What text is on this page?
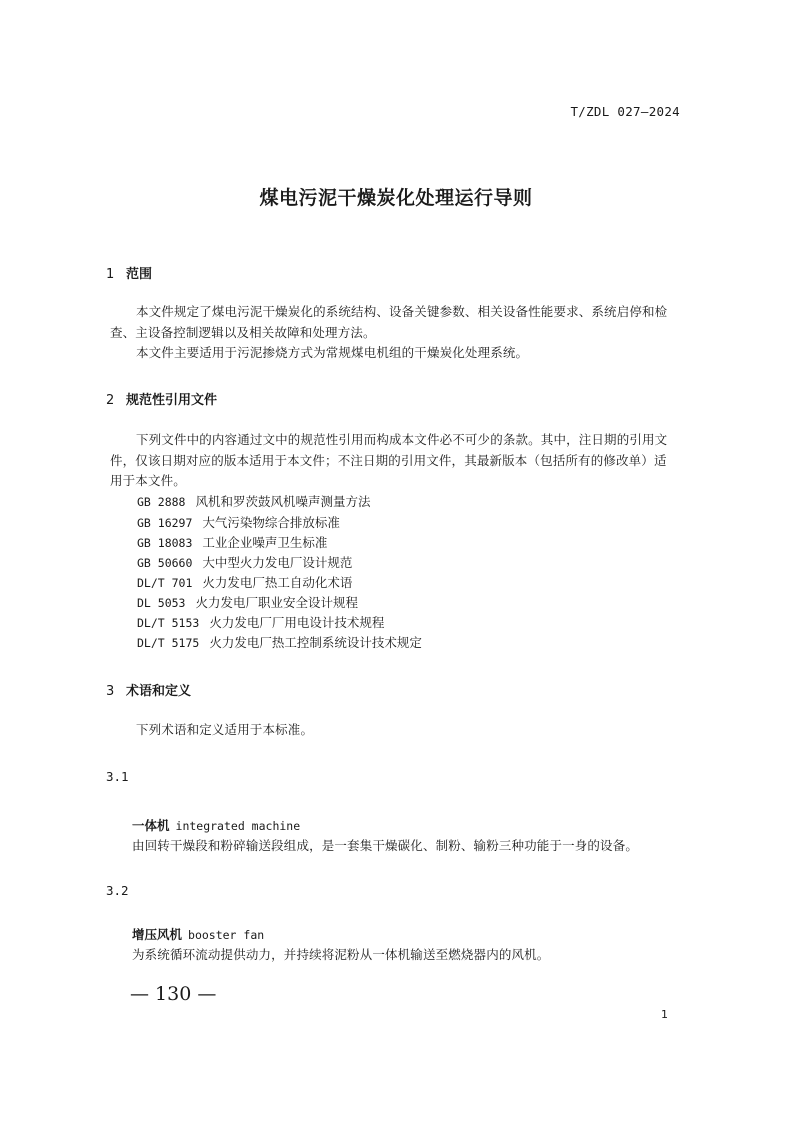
T/ZDL 027—2024
煤电污泥干燥炭化处理运行导则
1 范围
本文件规定了煤电污泥干燥炭化的系统结构、设备关键参数、相关设备性能要求、系统启停和检查、主设备控制逻辑以及相关故障和处理方法。
本文件主要适用于污泥掺烧方式为常规煤电机组的干燥炭化处理系统。
2 规范性引用文件
下列文件中的内容通过文中的规范性引用而构成本文件必不可少的条款。其中，注日期的引用文件，仅该日期对应的版本适用于本文件；不注日期的引用文件，其最新版本（包括所有的修改单）适用于本文件。
GB 2888 风机和罗茨鼓风机噪声测量方法
GB 16297 大气污染物综合排放标准
GB 18083 工业企业噪声卫生标准
GB 50660 大中型火力发电厂设计规范
DL/T 701 火力发电厂热工自动化术语
DL 5053 火力发电厂职业安全设计规程
DL/T 5153 火力发电厂厂用电设计技术规程
DL/T 5175 火力发电厂热工控制系统设计技术规定
3 术语和定义
下列术语和定义适用于本标准。
3.1
一体机 integrated machine
由回转干燥段和粉碎输送段组成，是一套集干燥碳化、制粉、输粉三种功能于一身的设备。
3.2
增压风机 booster fan
为系统循环流动提供动力，并持续将泥粉从一体机输送至燃烧器内的风机。
— 130 —
1
